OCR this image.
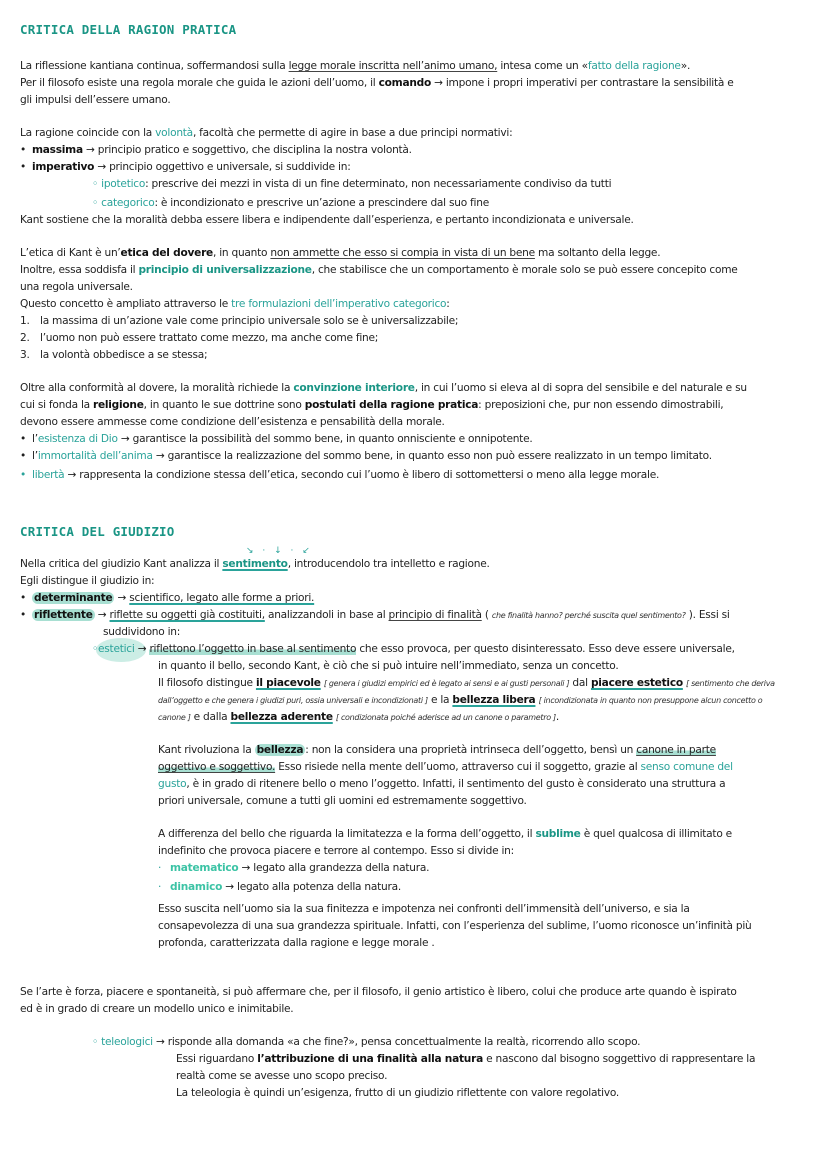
CRITICA DELLA RAGION PRATICA
La riflessione kantiana continua, soffermandosi sulla legge morale inscritta nell’animo umano, intesa come un «fatto della ragione».
Per il filosofo esiste una regola morale che guida le azioni dell’uomo, il comando → impone i propri imperativi per contrastare la sensibilità e
gli impulsi dell’essere umano.
La ragione coincide con la volontà, facoltà che permette di agire in base a due principi normativi:
• massima → principio pratico e soggettivo, che disciplina la nostra volontà.
• imperativo → principio oggettivo e universale, si suddivide in:
◦ ipotetico: prescrive dei mezzi in vista di un fine determinato, non necessariamente condiviso da tutti
◦ categorico: è incondizionato e prescrive un’azione a prescindere dal suo fine
Kant sostiene che la moralità debba essere libera e indipendente dall’esperienza, e pertanto incondizionata e universale.
L’etica di Kant è un’etica del dovere, in quanto non ammette che esso si compia in vista di un bene ma soltanto della legge.
Inoltre, essa soddisfa il principio di universalizzazione, che stabilisce che un comportamento è morale solo se può essere concepito come
una regola universale.
Questo concetto è ampliato attraverso le tre formulazioni dell’imperativo categorico:
1. la massima di un’azione vale come principio universale solo se è universalizzabile;
2. l’uomo non può essere trattato come mezzo, ma anche come fine;
3. la volontà obbedisce a se stessa;
Oltre alla conformità al dovere, la moralità richiede la convinzione interiore, in cui l’uomo si eleva al di sopra del sensibile e del naturale e su
cui si fonda la religione, in quanto le sue dottrine sono postulati della ragione pratica: preposizioni che, pur non essendo dimostrabili,
devono essere ammesse come condizione dell’esistenza e pensabilità della morale.
• l’esistenza di Dio → garantisce la possibilità del sommo bene, in quanto onnisciente e onnipotente.
• l’immortalità dell’anima → garantisce la realizzazione del sommo bene, in quanto esso non può essere realizzato in un tempo limitato.
• libertà → rappresenta la condizione stessa dell’etica, secondo cui l’uomo è libero di sottomettersi o meno alla legge morale.
CRITICA DEL GIUDIZIO
↘ · ↓ · ↙
Nella critica del giudizio Kant analizza il sentimento, introducendolo tra intelletto e ragione.
Egli distingue il giudizio in:
• determinante → scientifico, legato alle forme a priori.
• riflettente → riflette su oggetti già costituiti, analizzandoli in base al principio di finalità ( che finalità hanno? perché suscita quel sentimento? ). Essi si
suddividono in:
◦estetici → riflettono l’oggetto in base al sentimento che esso provoca, per questo disinteressato. Esso deve essere universale,
in quanto il bello, secondo Kant, è ciò che si può intuire nell’immediato, senza un concetto.
Il filosofo distingue il piacevole [ genera i giudizi empirici ed è legato ai sensi e ai gusti personali ] dal piacere estetico [ sentimento che deriva
dall’oggetto e che genera i giudizi puri, ossia universali e incondizionati ] e la bellezza libera [ incondizionata in quanto non presuppone alcun concetto o
canone ] e dalla bellezza aderente [ condizionata poiché aderisce ad un canone o parametro ].
Kant rivoluziona la bellezza : non la considera una proprietà intrinseca dell’oggetto, bensì un canone in parte
oggettivo e soggettivo. Esso risiede nella mente dell’uomo, attraverso cui il soggetto, grazie al senso comune del
gusto, è in grado di ritenere bello o meno l’oggetto. Infatti, il sentimento del gusto è considerato una struttura a
priori universale, comune a tutti gli uomini ed estremamente soggettivo.
A differenza del bello che riguarda la limitatezza e la forma dell’oggetto, il sublime è quel qualcosa di illimitato e
indefinito che provoca piacere e terrore al contempo. Esso si divide in:
· matematico → legato alla grandezza della natura.
· dinamico → legato alla potenza della natura.
Esso suscita nell’uomo sia la sua finitezza e impotenza nei confronti dell’immensità dell’universo, e sia la
consapevolezza di una sua grandezza spirituale. Infatti, con l’esperienza del sublime, l’uomo riconosce un’infinità più
profonda, caratterizzata dalla ragione e legge morale .
Se l’arte è forza, piacere e spontaneità, si può affermare che, per il filosofo, il genio artistico è libero, colui che produce arte quando è ispirato
ed è in grado di creare un modello unico e inimitabile.
◦ teleologici → risponde alla domanda «a che fine?», pensa concettualmente la realtà, ricorrendo allo scopo.
Essi riguardano l’attribuzione di una finalità alla natura e nascono dal bisogno soggettivo di rappresentare la
realtà come se avesse uno scopo preciso.
La teleologia è quindi un’esigenza, frutto di un giudizio riflettente con valore regolativo.
